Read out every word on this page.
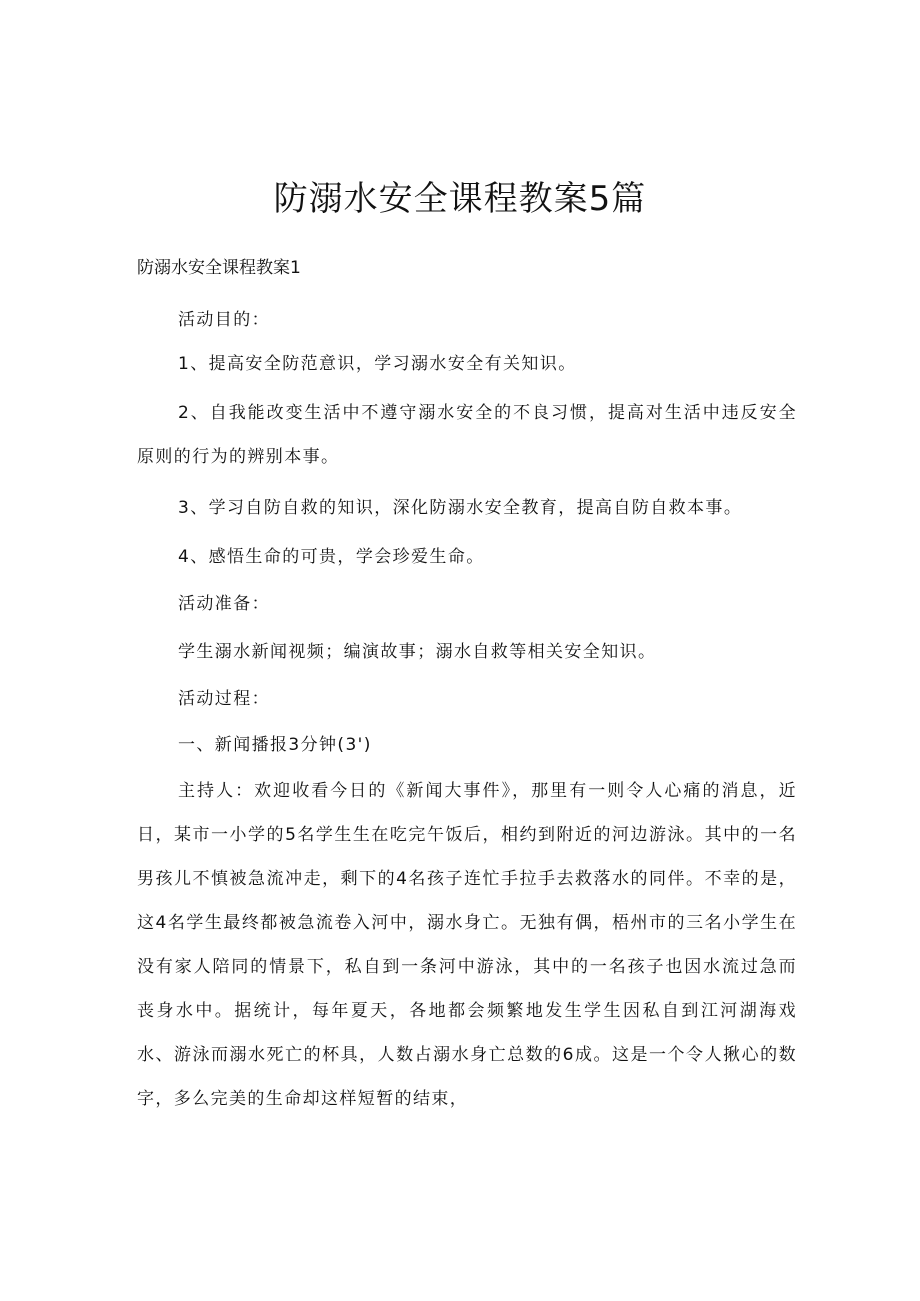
防溺水安全课程教案5篇
防溺水安全课程教案1

活动目的：

1、提高安全防范意识，学习溺水安全有关知识。

2、自我能改变生活中不遵守溺水安全的不良习惯，提高对生活中违反安全原则的行为的辨别本事。

3、学习自防自救的知识，深化防溺水安全教育，提高自防自救本事。

4、感悟生命的可贵，学会珍爱生命。

活动准备：

学生溺水新闻视频；编演故事；溺水自救等相关安全知识。

活动过程：

一、新闻播报3分钟(3')

主持人：欢迎收看今日的《新闻大事件》，那里有一则令人心痛的消息，近日，某市一小学的5名学生生在吃完午饭后，相约到附近的河边游泳。其中的一名男孩儿不慎被急流冲走，剩下的4名孩子连忙手拉手去救落水的同伴。不幸的是，这4名学生最终都被急流卷入河中，溺水身亡。无独有偶，梧州市的三名小学生在没有家人陪同的情景下，私自到一条河中游泳，其中的一名孩子也因水流过急而丧身水中。据统计，每年夏天，各地都会频繁地发生学生因私自到江河湖海戏水、游泳而溺水死亡的杯具，人数占溺水身亡总数的6成。这是一个令人揪心的数字，多么完美的生命却这样短暂的结束，
